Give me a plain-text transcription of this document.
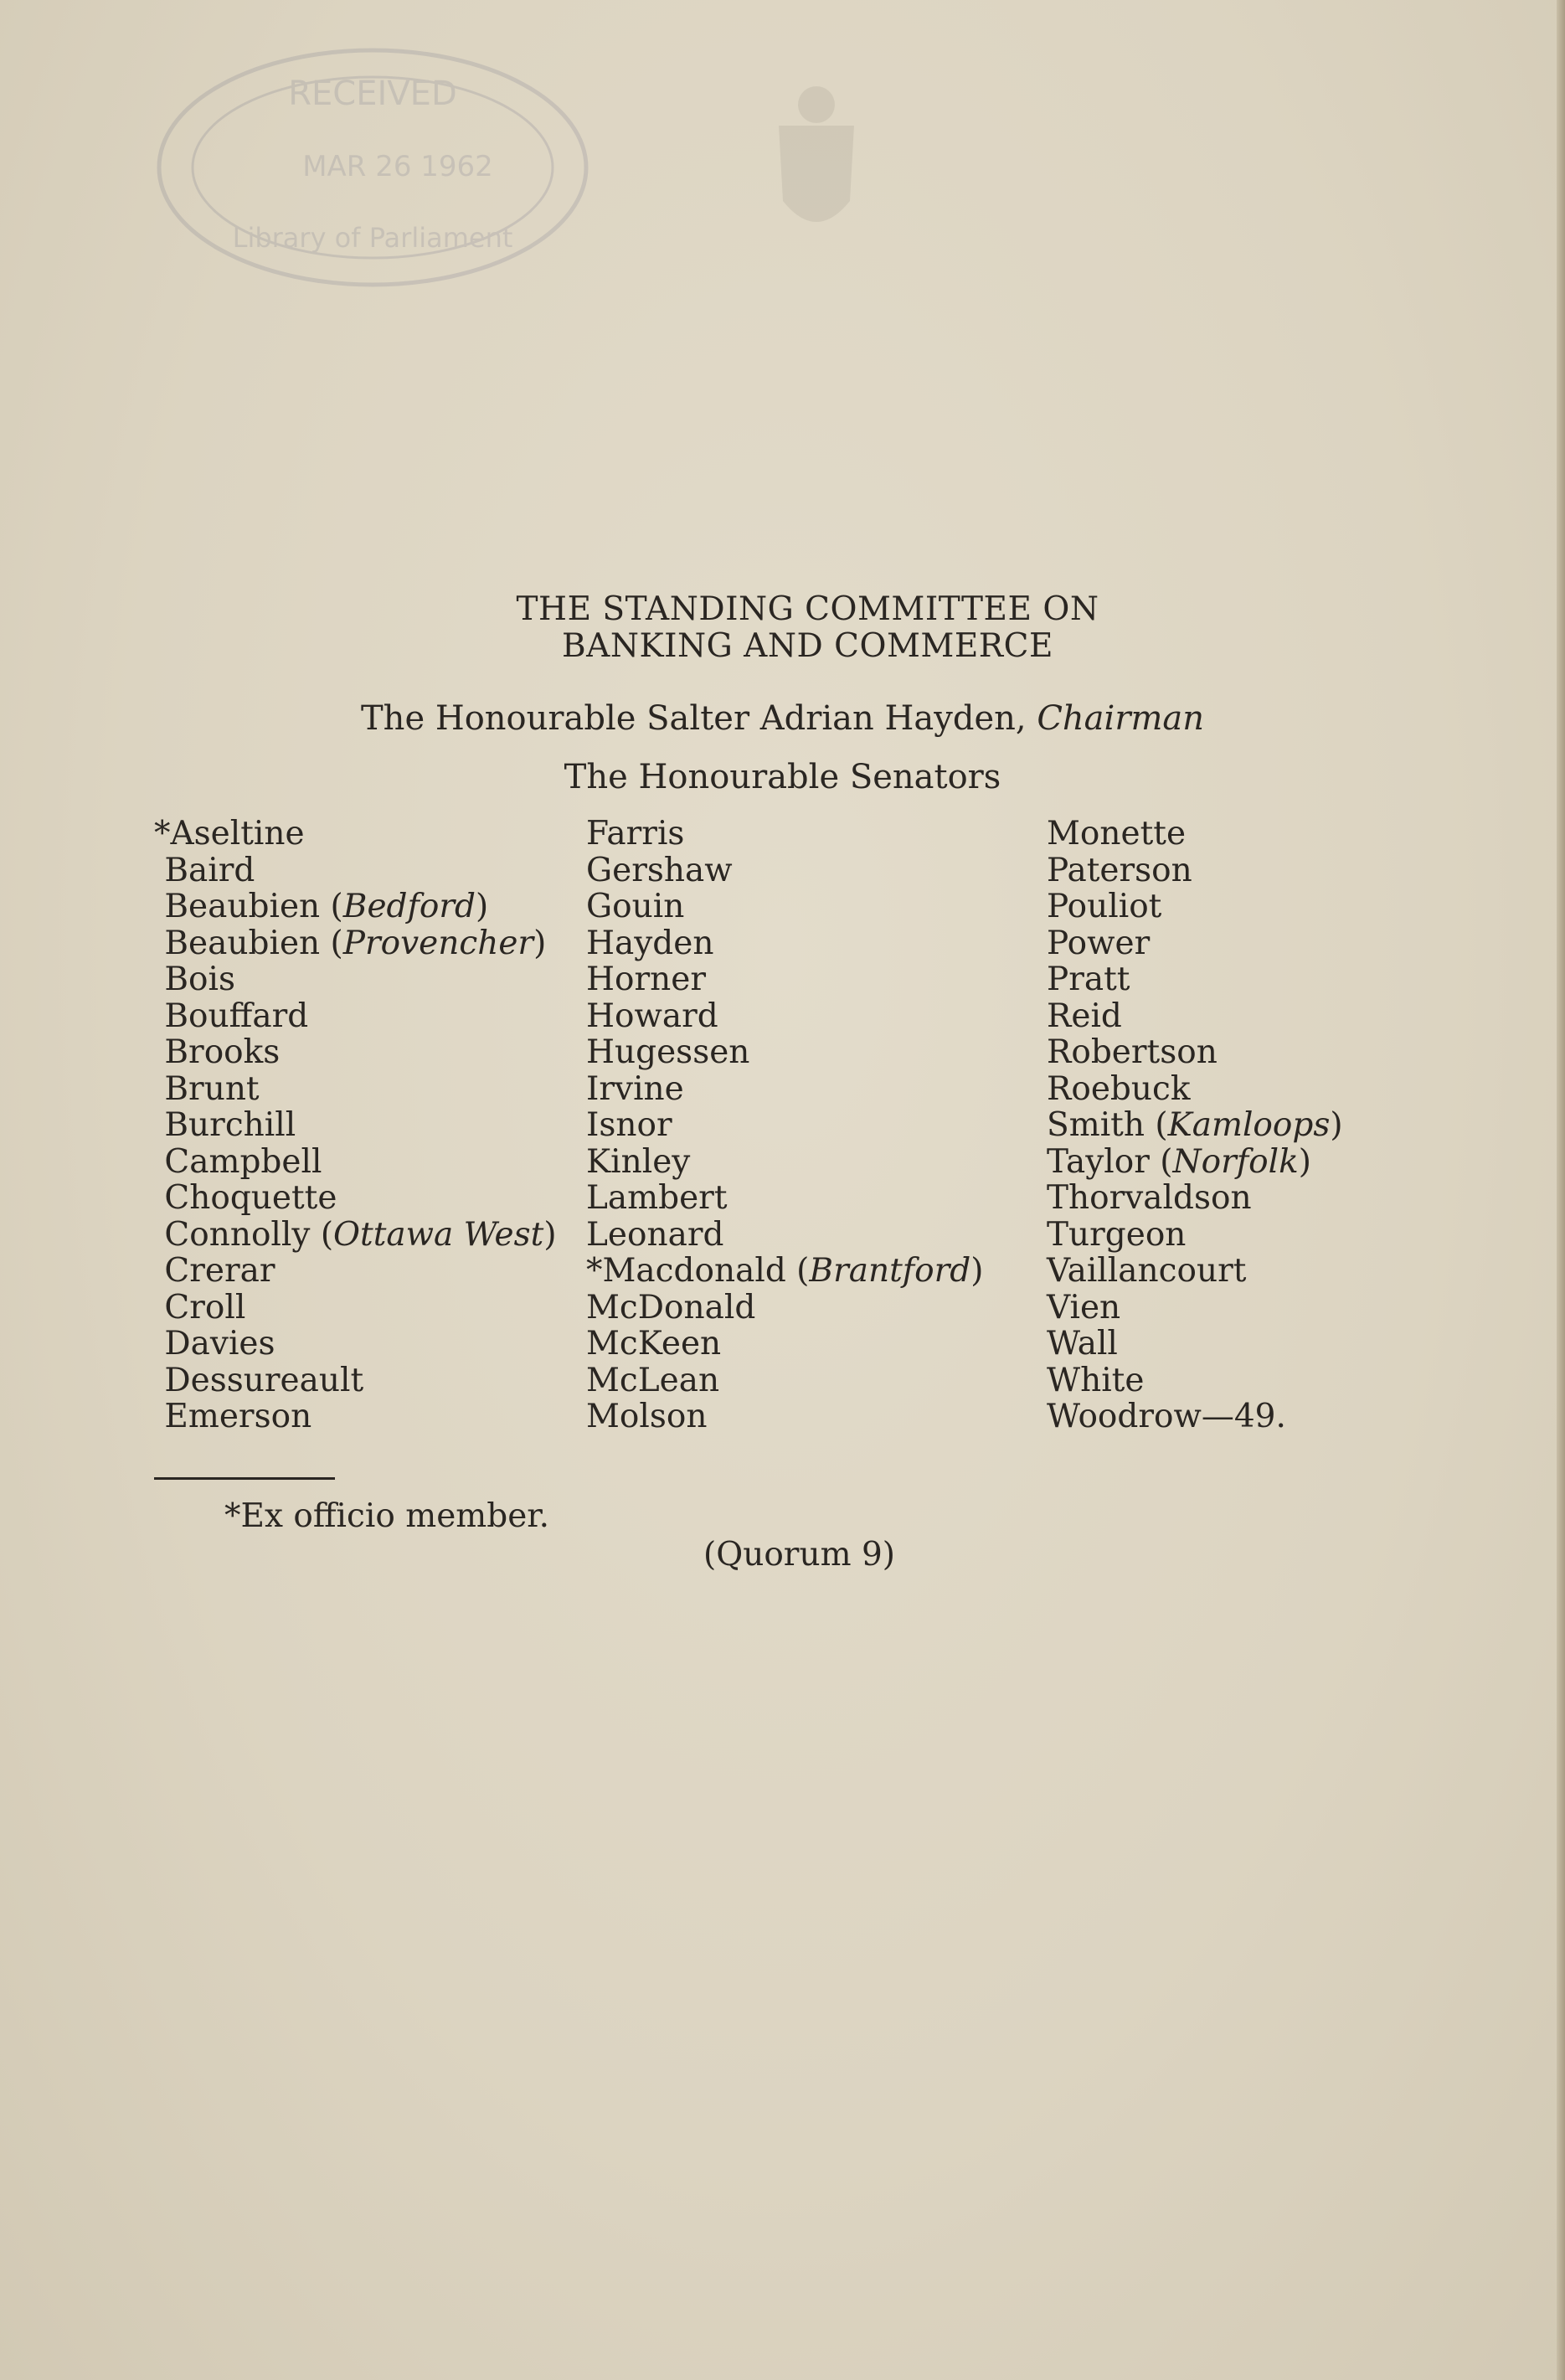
RECEIVED
MAR 26 1962
Library of Parliament
THE STANDING COMMITTEE ON
BANKING AND COMMERCE
The Honourable Salter Adrian Hayden, Chairman
The Honourable Senators
*Aseltine
Baird
Beaubien (Bedford)
Beaubien (Provencher)
Bois
Bouffard
Brooks
Brunt
Burchill
Campbell
Choquette
Connolly (Ottawa West)
Crerar
Croll
Davies
Dessureault
Emerson
Farris
Gershaw
Gouin
Hayden
Horner
Howard
Hugessen
Irvine
Isnor
Kinley
Lambert
Leonard
*Macdonald (Brantford)
McDonald
McKeen
McLean
Molson
Monette
Paterson
Pouliot
Power
Pratt
Reid
Robertson
Roebuck
Smith (Kamloops)
Taylor (Norfolk)
Thorvaldson
Turgeon
Vaillancourt
Vien
Wall
White
Woodrow—49.
*Ex officio member.
(Quorum 9)
